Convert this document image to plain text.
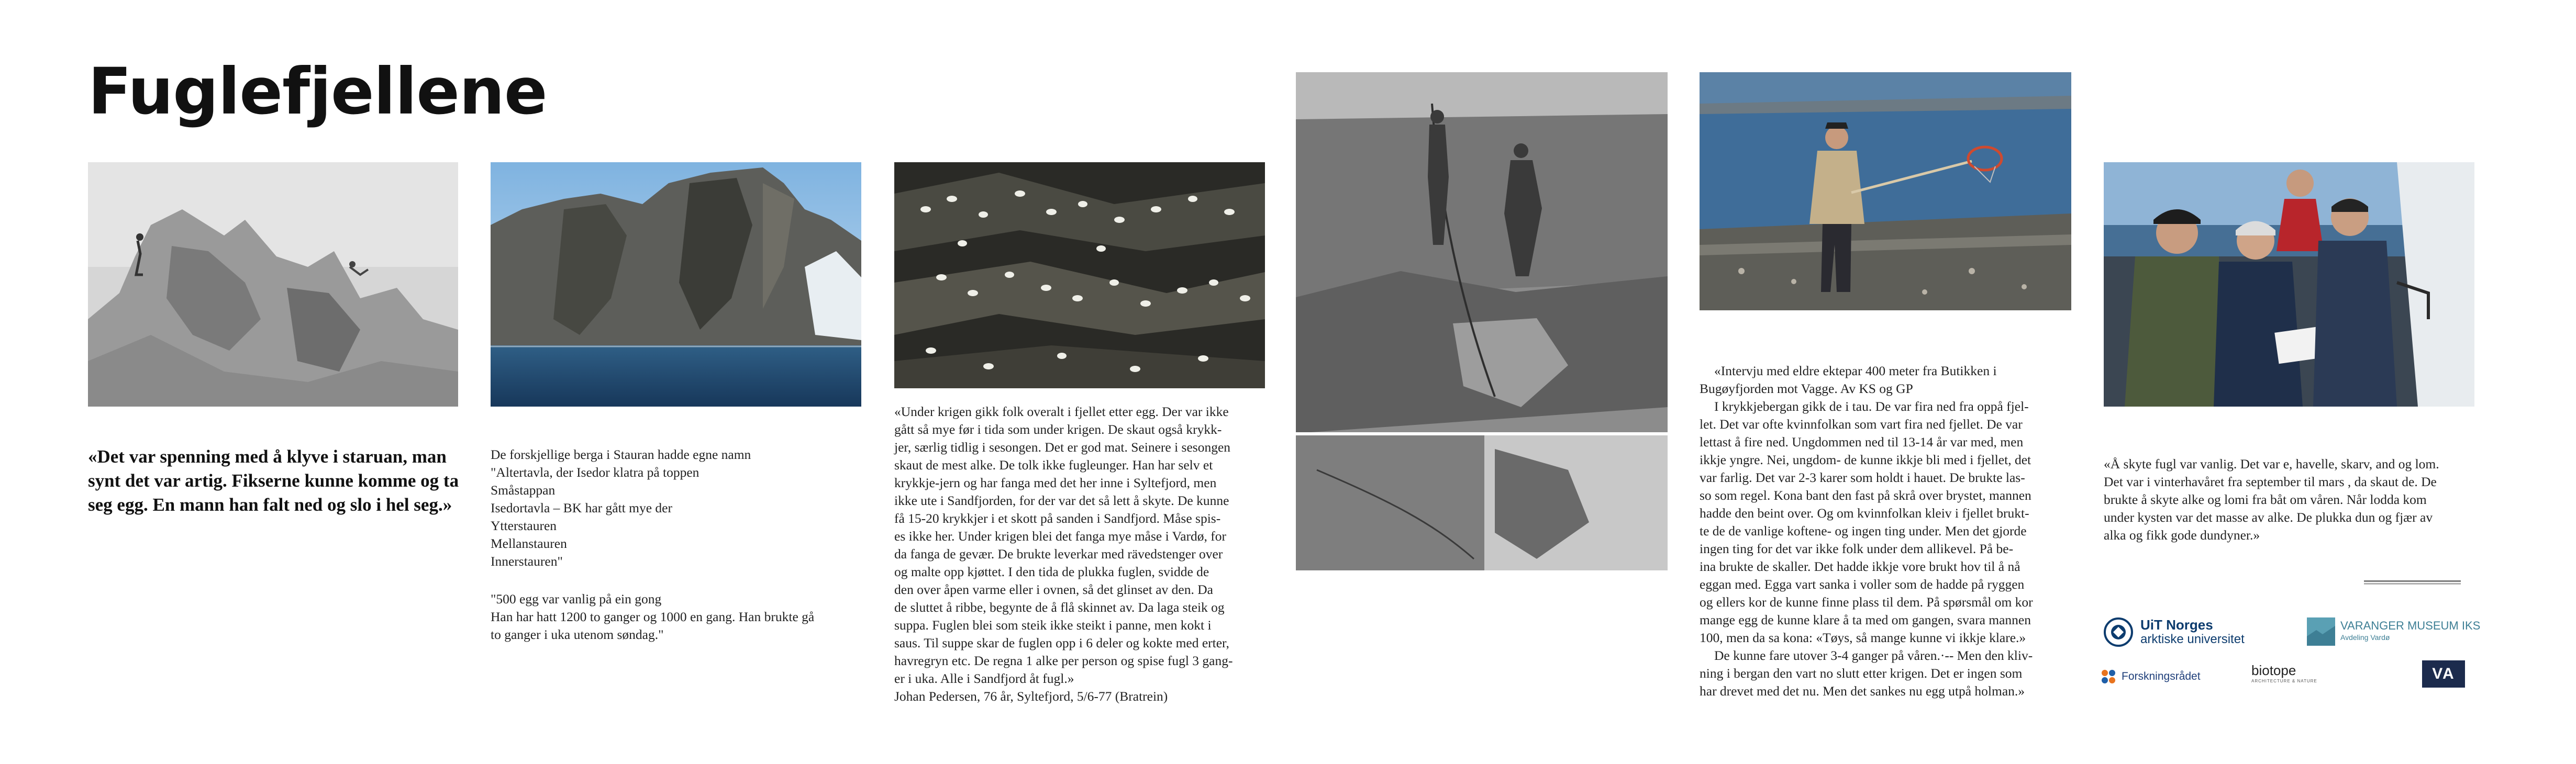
Fuglefjellene
«Det var spenning med å klyve i staruan, man synt det var artig. Fikserne kunne komme og ta seg egg. En mann han falt ned og slo i hel seg.»
De forskjellige berga i Stauran hadde egne namn
"Altertavla, der Isedor klatra på toppen
Småstappan
Isedortavla – BK har gått mye der
Ytterstauren
Mellanstauren
Innerstauren"
"500 egg var vanlig på ein gong
Han har hatt 1200 to ganger og 1000 en gang. Han brukte gå
to ganger i uka utenom søndag."
«Under krigen gikk folk overalt i fjellet etter egg. Der var ikke
gått så mye før i tida som under krigen. De skaut også krykk-
jer, særlig tidlig i sesongen. Det er god mat. Seinere i sesongen
skaut de mest alke. De tolk ikke fugleunger. Han har selv et
krykkje-jern og har fanga med det her inne i Syltefjord, men
ikke ute i Sandfjorden, for der var det så lett å skyte. De kunne
få 15-20 krykkjer i et skott på sanden i Sandfjord. Måse spis-
es ikke her. Under krigen blei det fanga mye måse i Vardø, for
da fanga de gevær. De brukte leverkar med rävedstenger over
og malte opp kjøttet. I den tida de plukka fuglen, svidde de
den over åpen varme eller i ovnen, så det glinset av den. Da
de sluttet å ribbe, begynte de å flå skinnet av. Da laga steik og
suppa. Fuglen blei som steik ikke steikt i panne, men kokt i
saus. Til suppe skar de fuglen opp i 6 deler og kokte med erter,
havregryn etc. De regna 1 alke per person og spise fugl 3 gang-
er i uka. Alle i Sandfjord åt fugl.»
Johan Pedersen, 76 år, Syltefjord, 5/6-77 (Bratrein)
«Intervju med eldre ektepar 400 meter fra Butikken i
Bugøyfjorden mot Vagge. Av KS og GP
I krykkjebergan gikk de i tau. De var fira ned fra oppå fjel-
let. Det var ofte kvinnfolkan som vart fira ned fjellet. De var
lettast å fire ned. Ungdommen ned til 13-14 år var med, men
ikkje yngre. Nei, ungdom- de kunne ikkje bli med i fjellet, det
var farlig. Det var 2-3 karer som holdt i hauet. De brukte las-
so som regel. Kona bant den fast på skrå over brystet, mannen
hadde den beint over. Og om kvinnfolkan kleiv i fjellet brukt-
te de de vanlige koftene- og ingen ting under. Men det gjorde
ingen ting for det var ikke folk under dem allikevel. På be-
ina brukte de skaller. Det hadde ikkje vore brukt hov til å nå
eggan med. Egga vart sanka i voller som de hadde på ryggen
og ellers kor de kunne finne plass til dem. På spørsmål om kor
mange egg de kunne klare å ta med om gangen, svara mannen
100, men da sa kona: «Tøys, så mange kunne vi ikkje klare.»
De kunne fare utover 3-4 ganger på våren.·-- Men den kliv-
ning i bergan den vart no slutt etter krigen. Det er ingen som
har drevet med det nu. Men det sankes nu egg utpå holman.»
«Å skyte fugl var vanlig. Det var e, havelle, skarv, and og lom.
Det var i vinterhavåret fra september til mars , da skaut de. De
brukte å skyte alke og lomi fra båt om våren. Når lodda kom
under kysten var det masse av alke. De plukka dun og fjær av
alka og fikk gode dundyner.»
UiT Norges
arktiske universitet
VARANGER MUSEUM IKS
Avdeling Vardø
Forskningsrådet	biotope
ARCHITECTURE & NATURE	VA
